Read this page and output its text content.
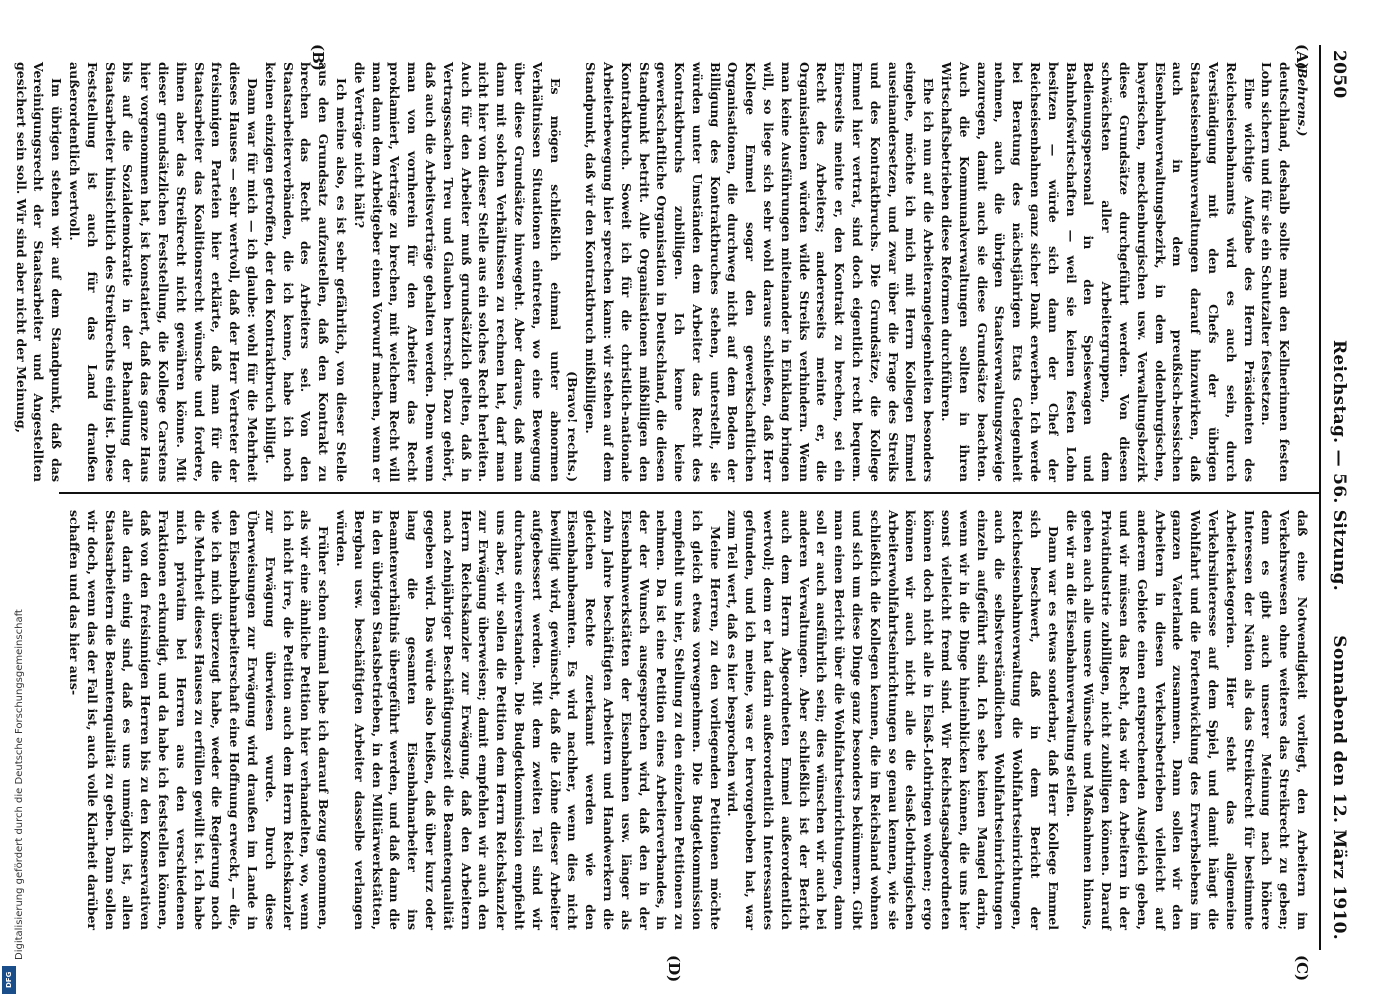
2050
Reichstag. — 56. Sitzung.
Sonnabend den 12. März 1910.
(A)
(B)
(C)
(D)

(Behrens.)

deutschland, deshalb sollte man den Kellnerinnen festen Lohn sichern und für sie ein Schutzalter festsetzen.

Eine wichtige Aufgabe des Herrn Präsidenten des Reichseisenbahnamts wird es auch sein, durch Verständigung mit den Chefs der übrigen Staatseisenbahnverwaltungen darauf hinzuwirken, daß auch in dem preußisch-hessischen Eisenbahnverwaltungsbezirk, in dem oldenburgischen, bayerischen, mecklenburgischen usw. Verwaltungsbezirk diese Grundsätze durchgeführt werden. Von diesen schwächsten aller Arbeitergruppen, dem Bedienungspersonal in den Speisewagen und Bahnhofswirtschaften — weil sie keinen festen Lohn besitzen — würde sich dann der Chef der Reichseisenbahnen ganz sicher Dank erwerben. Ich werde bei Beratung des nächstjährigen Etats Gelegenheit nehmen, auch die übrigen Staatsverwaltungszweige anzuregen, damit auch sie diese Grundsätze beachten. Auch die Kommunalverwaltungen sollten in ihren Wirtschaftsbetrieben diese Reformen durchführen.

Ehe ich nun auf die Arbeiterangelegenheiten besonders eingehe, möchte ich mich mit Herrn Kollegen Emmel auseinandersetzen, und zwar über die Frage des Streiks und des Kontraktbruchs. Die Grundsätze, die Kollege Emmel hier vertrat, sind doch eigentlich recht bequem. Einerseits meinte er, den Kontrakt zu brechen, sei ein Recht des Arbeiters; andererseits meinte er, die Organisationen würden wilde Streiks verhindern. Wenn man keine Ausführungen miteinander in Einklang bringen will, so liege sich sehr wohl daraus schließen, daß Herr Kollege Emmel sogar den gewerkschaftlichen Organisationen, die durchweg nicht auf dem Boden der Billigung des Kontraktbruches stehen, unterstellt, sie würden unter Umständen dem Arbeiter das Recht des Kontraktbruchs zubilligen. Ich kenne keine gewerkschaftliche Organisation in Deutschland, die diesen Standpunkt betritt. Alle Organisationen mißbilligen den Kontraktbruch. Soweit ich für die christlich-nationale Arbeiterbewegung hier sprechen kann: wir stehen auf dem Standpunkt, daß wir den Kontraktbruch mißbilligen.

(Bravo! rechts.)

Es mögen schließlich einmal unter abnormen Verhältnissen Situationen eintreten, wo eine Bewegung über diese Grundsätze hinwegeht. Aber daraus, daß man dann mit solchen Verhältnissen zu rechnen hat, darf man nicht hier von dieser Stelle aus ein solches Recht herleiten. Auch für den Arbeiter muß grundsätzlich gelten, daß in Vertragssachen Treu und Glauben herrscht. Dazu gehört, daß auch die Arbeitsverträge gehalten werden. Denn wenn man von vornherein für den Arbeiter das Recht proklamiert, Verträge zu brechen, mit welchem Recht will man dann dem Arbeitgeber einen Vorwurf machen, wenn er die Verträge nicht hält?

Ich meine also, es ist sehr gefährlich, von dieser Stelle aus den Grundsatz aufzustellen, daß den Kontrakt zu brechen das Recht des Arbeiters sei. Von den Staatsarbeiterverbänden, die ich kenne, habe ich noch keinen einzigen getroffen, der den Kontraktbruch billigt.

Dann war für mich — ich glaube: wohl für die Mehrheit dieses Hauses — sehr wertvoll, daß der Herr Vertreter der freisinnigen Parteien hier erklärte, daß man für die Staatsarbeiter das Koalitionsrecht wünsche und fordere, ihnen aber das Streikrecht nicht gewähren könne. Mit dieser grundsätzlichen Feststellung, die Kollege Carstens hier vorgenommen hat, ist konstatiert, daß das ganze Haus bis auf die Sozialdemokratie in der Behandlung der Staatsarbeiter hinsichtlich des Streikrechts einig ist. Diese Feststellung ist auch für das Land draußen außerordentlich wertvoll.

Im übrigen stehen wir auf dem Standpunkt, daß das Vereinigungsrecht der Staatsarbeiter und Angestellten gesichert sein soll. Wir sind aber nicht der Meinung,

daß eine Notwendigkeit vorliegt, den Arbeitern im Verkehrswesen ohne weiteres das Streikrecht zu geben; denn es gibt auch unserer Meinung nach höhere Interessen der Nation als das Streikrecht für bestimmte Arbeiterkategorien. Hier steht das allgemeine Verkehrsinteresse auf dem Spiel, und damit hängt die Wohlfahrt und die Fortentwicklung des Erwerbslebens im ganzen Vaterlande zusammen. Dann sollen wir den Arbeitern in diesen Verkehrsbetrieben vielleicht auf anderem Gebiete einen entsprechenden Ausgleich geben, und wir müssen das Recht, das wir den Arbeitern in der Privatindustrie zubilligen, nicht zubilligen können. Darauf gehen auch alle unsere Wünsche und Maßnahmen hinaus, die wir an die Eisenbahnverwaltung stellen.

Dann war es etwas sonderbar, daß Herr Kollege Emmel sich beschwert, daß in dem Bericht der Reichseisenbahnverwaltung die Wohlfahrtseinrichtungen, auch die selbstverständlichen Wohlfahrtseinrichtungen einzeln aufgeführt sind. Ich sehe keinen Mangel darin, wenn wir in die Dinge hineinblicken können, die uns hier sonst vielleicht fremd sind. Wir Reichstagsabgeordneten können doch nicht alle in Elsaß-Lothringen wohnen; ergo können wir auch nicht alle die elsaß-lothringischen Arbeiterwohlfahrtseinrichtungen so genau kennen, wie sie schließlich die Kollegen kennen, die im Reichsland wohnen und sich um diese Dinge ganz besonders bekümmern. Gibt man einen Bericht über die Wohlfahrtseinrichtungen, dann soll er auch ausführlich sein; dies wünschen wir auch bei anderen Verwaltungen. Aber schließlich ist der Bericht auch dem Herrn Abgeordneten Emmel außerordentlich wertvoll; denn er hat darin außerordentlich Interessantes gefunden, und ich meine, was er hervorgehoben hat, war zum Teil wert, daß es hier besprochen wird.

Meine Herren, zu den vorliegenden Petitionen möchte ich gleich etwas vorwegnehmen. Die Budgetkommission empfiehlt uns hier, Stellung zu den einzelnen Petitionen zu nehmen. Da ist eine Petition eines Arbeiterverbandes, in der der Wunsch ausgesprochen wird, daß den in der Eisenbahnwerkstätten der Eisenbahnen usw. länger als zehn Jahre beschäftigten Arbeitern und Handwerkern die gleichen Rechte zuerkannt werden wie den Eisenbahnbeamten. Es wird nachher, wenn dies nicht bewilligt wird, gewünscht, daß die Löhne dieser Arbeiter aufgebessert werden. Mit dem zweiten Teil sind wir durchaus einverstanden. Die Budgetkommission empfiehlt uns aber, wir sollen die Petition dem Herrn Reichskanzler zur Erwägung überweisen; damit empfehlen wir auch den Herrn Reichskanzler zur Erwägung, daß den Arbeitern nach zehnjähriger Beschäftigungszeit die Beamtenqualität gegeben wird. Das würde also heißen, daß über kurz oder lang die gesamten Eisenbahnarbeiter ins Beamtenverhältnis übergeführt werden, und daß dann die in den übrigen Staatsbetrieben, in den Militärwerkstätten, Bergbau usw. beschäftigten Arbeiter dasselbe verlangen würden.

Früher schon einmal habe ich darauf Bezug genommen, als wir eine ähnliche Petition hier verhandelten, wo, wenn ich nicht irre, die Petition auch dem Herrn Reichskanzler zur Erwägung überwiesen wurde. Durch diese Überweisungen zur Erwägung wird draußen im Lande in den Eisenbahnarbeiterschaft eine Hoffnung erweckt, — die, wie ich mich überzeugt habe, weder die Regierung noch die Mehrheit dieses Hauses zu erfüllen gewillt ist. Ich habe mich privatim bei Herren aus den verschiedenen Fraktionen erkundigt, und da habe ich feststellen können, daß von den freisinnigen Herren bis zu den Konservativen alle darin einig sind, daß es uns unmöglich ist, allen Staatsarbeitern die Beamtenqualität zu geben. Dann sollen wir doch, wenn das der Fall ist, auch volle Klarheit darüber schaffen und das hier aus-

Digitalisierung gefördert durch die Deutsche Forschungsgemeinschaft
DFG
